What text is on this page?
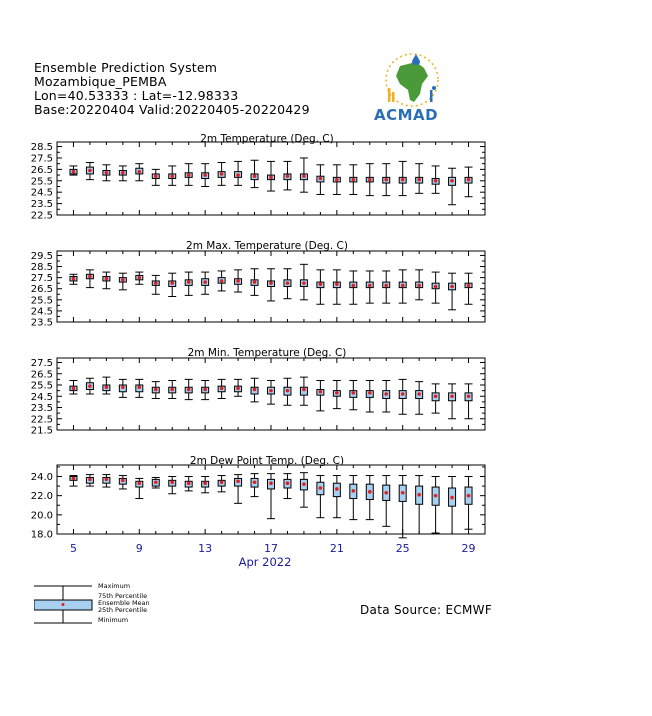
Ensemble Prediction System
Mozambique_PEMBA
Lon=40.53333 : Lat=-12.98333
Base:20220404 Valid:20220405-20220429	ACMAD
2m Temperature (Deg. C)
22.5
23.5
24.5
25.5
26.5
27.5
28.5
2m Max. Temperature (Deg. C)
23.5
24.5
25.5
26.5
27.5
28.5
29.5
2m Min. Temperature (Deg. C)
21.5
22.5
23.5
24.5
25.5
26.5
27.5
2m Dew Point Temp. (Deg. C)
18.0
20.0
22.0
24.0
5	9	13	17	21	25	29
Apr 2022
Maximum
75th Percentile
Ensemble Mean
25th Percentile
Minimum
Data Source: ECMWF
